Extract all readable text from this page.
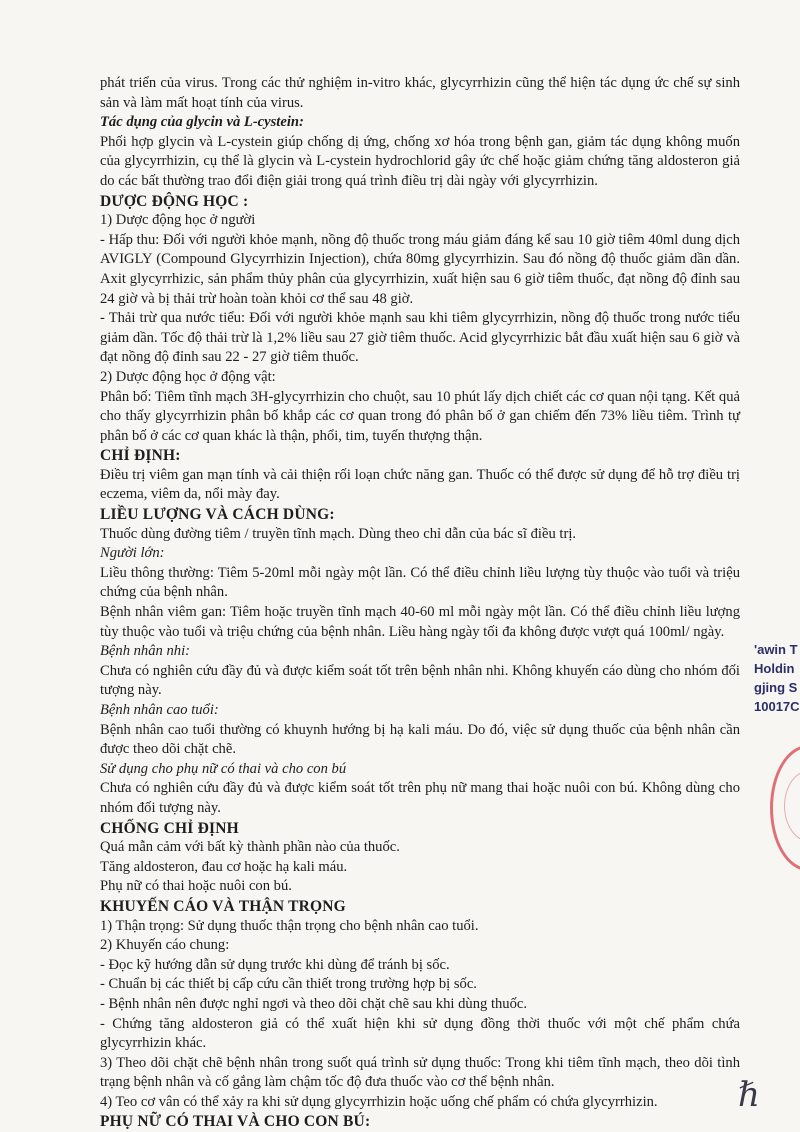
phát triển của virus. Trong các thử nghiệm in-vitro khác, glycyrrhizin cũng thể hiện tác dụng ức chế sự sinh sản và làm mất hoạt tính của virus.

Tác dụng của glycin và L-cystein:

Phối hợp glycin và L-cystein giúp chống dị ứng, chống xơ hóa trong bệnh gan, giảm tác dụng không muốn của glycyrrhizin, cụ thể là glycin và L-cystein hydrochlorid gây ức chế hoặc giảm chứng tăng aldosteron giả do các bất thường trao đổi điện giải trong quá trình điều trị dài ngày với glycyrrhizin.

DƯỢC ĐỘNG HỌC :

1) Dược động học ở người

- Hấp thu: Đối với người khỏe mạnh, nồng độ thuốc trong máu giảm đáng kể sau 10 giờ tiêm 40ml dung dịch AVIGLY (Compound Glycyrrhizin Injection), chứa 80mg glycyrrhizin. Sau đó nồng độ thuốc giảm dần dần. Axit glycyrrhizic, sản phẩm thủy phân của glycyrrhizin, xuất hiện sau 6 giờ tiêm thuốc, đạt nồng độ đỉnh sau 24 giờ và bị thải trừ hoàn toàn khỏi cơ thể sau 48 giờ.

- Thải trừ qua nước tiểu: Đối với người khỏe mạnh sau khi tiêm glycyrrhizin, nồng độ thuốc trong nước tiểu giảm dần. Tốc độ thải trừ là 1,2% liều sau 27 giờ tiêm thuốc. Acid glycyrrhizic bắt đầu xuất hiện sau 6 giờ và đạt nồng độ đỉnh sau 22 - 27 giờ tiêm thuốc.

2) Dược động học ở động vật:

Phân bố: Tiêm tĩnh mạch 3H-glycyrrhizin cho chuột, sau 10 phút lấy dịch chiết các cơ quan nội tạng. Kết quả cho thấy glycyrrhizin phân bố khắp các cơ quan trong đó phân bố ở gan chiếm đến 73% liều tiêm. Trình tự phân bố ở các cơ quan khác là thận, phổi, tim, tuyến thượng thận.

CHỈ ĐỊNH:

Điều trị viêm gan mạn tính và cải thiện rối loạn chức năng gan. Thuốc có thể được sử dụng để hỗ trợ điều trị eczema, viêm da, nổi mày đay.

LIỀU LƯỢNG VÀ CÁCH DÙNG:

Thuốc dùng đường tiêm / truyền tĩnh mạch. Dùng theo chỉ dẫn của bác sĩ điều trị.

Người lớn:

Liều thông thường: Tiêm 5-20ml mỗi ngày một lần. Có thể điều chỉnh liều lượng tùy thuộc vào tuổi và triệu chứng của bệnh nhân.

Bệnh nhân viêm gan: Tiêm hoặc truyền tĩnh mạch 40-60 ml mỗi ngày một lần. Có thể điều chỉnh liều lượng tùy thuộc vào tuổi và triệu chứng của bệnh nhân. Liều hàng ngày tối đa không được vượt quá 100ml/ ngày.

Bệnh nhân nhi:

Chưa có nghiên cứu đầy đủ và được kiểm soát tốt trên bệnh nhân nhi. Không khuyến cáo dùng cho nhóm đối tượng này.

Bệnh nhân cao tuổi:

Bệnh nhân cao tuổi thường có khuynh hướng bị hạ kali máu. Do đó, việc sử dụng thuốc của bệnh nhân cần được theo dõi chặt chẽ.

Sử dụng cho phụ nữ có thai và cho con bú

Chưa có nghiên cứu đầy đủ và được kiểm soát tốt trên phụ nữ mang thai hoặc nuôi con bú. Không dùng cho nhóm đối tượng này.

CHỐNG CHỈ ĐỊNH

Quá mẫn cảm với bất kỳ thành phần nào của thuốc.

Tăng aldosteron, đau cơ hoặc hạ kali máu.

Phụ nữ có thai hoặc nuôi con bú.

KHUYẾN CÁO VÀ THẬN TRỌNG

1) Thận trọng: Sử dụng thuốc thận trọng cho bệnh nhân cao tuổi.

2) Khuyến cáo chung:

- Đọc kỹ hướng dẫn sử dụng trước khi dùng để tránh bị sốc.

- Chuẩn bị các thiết bị cấp cứu cần thiết trong trường hợp bị sốc.

- Bệnh nhân nên được nghỉ ngơi và theo dõi chặt chẽ sau khi dùng thuốc.

- Chứng tăng aldosteron giả có thể xuất hiện khi sử dụng đồng thời thuốc với một chế phẩm chứa glycyrrhizin khác.

3) Theo dõi chặt chẽ bệnh nhân trong suốt quá trình sử dụng thuốc: Trong khi tiêm tĩnh mạch, theo dõi tình trạng bệnh nhân và cố gắng làm chậm tốc độ đưa thuốc vào cơ thể bệnh nhân.

4) Teo cơ vân có thể xảy ra khi sử dụng glycyrrhizin hoặc uống chế phẩm có chứa glycyrrhizin.

PHỤ NỮ CÓ THAI VÀ CHO CON BÚ:

'awin T
Holdin
gjing S
10017C
ℏ
